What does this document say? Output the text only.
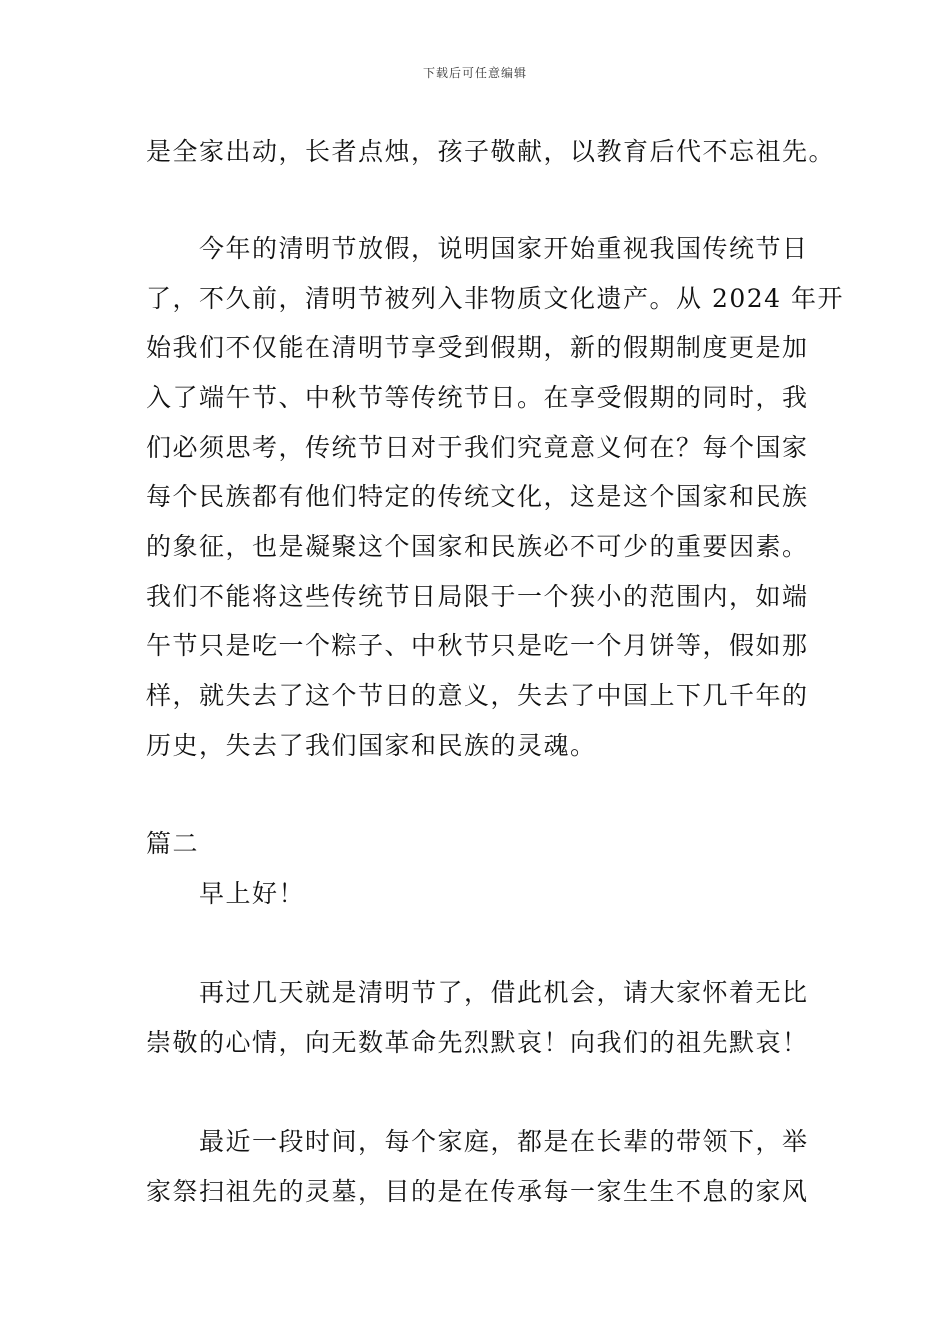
下载后可任意编辑
是全家出动，长者点烛，孩子敬献，以教育后代不忘祖先。
　　今年的清明节放假，说明国家开始重视我国传统节日
了，不久前，清明节被列入非物质文化遗产。从 2024 年开
始我们不仅能在清明节享受到假期，新的假期制度更是加
入了端午节、中秋节等传统节日。在享受假期的同时，我
们必须思考，传统节日对于我们究竟意义何在？每个国家
每个民族都有他们特定的传统文化，这是这个国家和民族
的象征，也是凝聚这个国家和民族必不可少的重要因素。
我们不能将这些传统节日局限于一个狭小的范围内，如端
午节只是吃一个粽子、中秋节只是吃一个月饼等，假如那
样，就失去了这个节日的意义，失去了中国上下几千年的
历史，失去了我们国家和民族的灵魂。
篇二
　　早上好！
　　再过几天就是清明节了，借此机会，请大家怀着无比
崇敬的心情，向无数革命先烈默哀！向我们的祖先默哀！
　　最近一段时间，每个家庭，都是在长辈的带领下，举
家祭扫祖先的灵墓，目的是在传承每一家生生不息的家风
